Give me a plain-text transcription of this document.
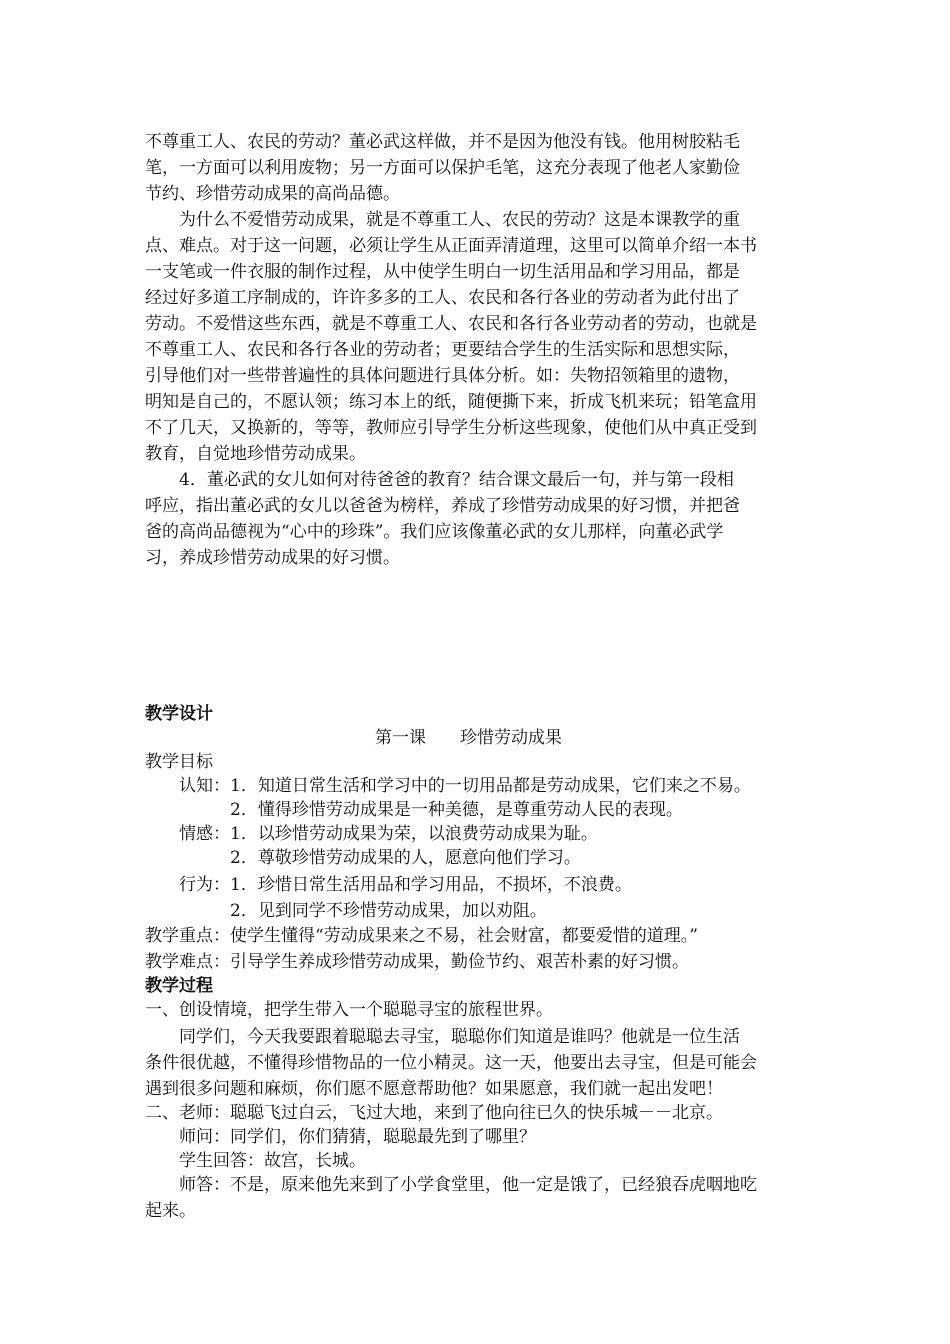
不尊重工人、农民的劳动？董必武这样做，并不是因为他没有钱。他用树胶粘毛
笔，一方面可以利用废物；另一方面可以保护毛笔，这充分表现了他老人家勤俭
节约、珍惜劳动成果的高尚品德。
　　为什么不爱惜劳动成果，就是不尊重工人、农民的劳动？这是本课教学的重
点、难点。对于这一问题，必须让学生从正面弄清道理，这里可以简单介绍一本书
一支笔或一件衣服的制作过程，从中使学生明白一切生活用品和学习用品，都是
经过好多道工序制成的，许许多多的工人、农民和各行各业的劳动者为此付出了
劳动。不爱惜这些东西，就是不尊重工人、农民和各行各业劳动者的劳动，也就是
不尊重工人、农民和各行各业的劳动者；更要结合学生的生活实际和思想实际，
引导他们对一些带普遍性的具体问题进行具体分析。如：失物招领箱里的遗物，
明知是自己的，不愿认领；练习本上的纸，随便撕下来，折成飞机来玩；铅笔盒用
不了几天，又换新的，等等，教师应引导学生分析这些现象，使他们从中真正受到
教育，自觉地珍惜劳动成果。
　　4．董必武的女儿如何对待爸爸的教育？结合课文最后一句，并与第一段相
呼应，指出董必武的女儿以爸爸为榜样，养成了珍惜劳动成果的好习惯，并把爸
爸的高尚品德视为“心中的珍珠”。我们应该像董必武的女儿那样，向董必武学
习，养成珍惜劳动成果的好习惯。
教学设计
第一课　　珍惜劳动成果
教学目标
　　认知：1．知道日常生活和学习中的一切用品都是劳动成果，它们来之不易。
　　　　　2．懂得珍惜劳动成果是一种美德，是尊重劳动人民的表现。
　　情感：1．以珍惜劳动成果为荣，以浪费劳动成果为耻。
　　　　　2．尊敬珍惜劳动成果的人，愿意向他们学习。
　　行为：1．珍惜日常生活用品和学习用品，不损坏，不浪费。
　　　　　2．见到同学不珍惜劳动成果，加以劝阻。
教学重点：使学生懂得“劳动成果来之不易，社会财富，都要爱惜的道理。”
教学难点：引导学生养成珍惜劳动成果，勤俭节约、艰苦朴素的好习惯。
教学过程
一、创设情境，把学生带入一个聪聪寻宝的旅程世界。
　　同学们，今天我要跟着聪聪去寻宝，聪聪你们知道是谁吗？他就是一位生活
条件很优越，不懂得珍惜物品的一位小精灵。这一天，他要出去寻宝，但是可能会
遇到很多问题和麻烦，你们愿不愿意帮助他？如果愿意，我们就一起出发吧！
二、老师：聪聪飞过白云，飞过大地，来到了他向往已久的快乐城－－北京。
　　师问：同学们，你们猜猜，聪聪最先到了哪里？
　　学生回答：故宫，长城。
　　师答：不是，原来他先来到了小学食堂里，他一定是饿了，已经狼吞虎咽地吃
起来。
